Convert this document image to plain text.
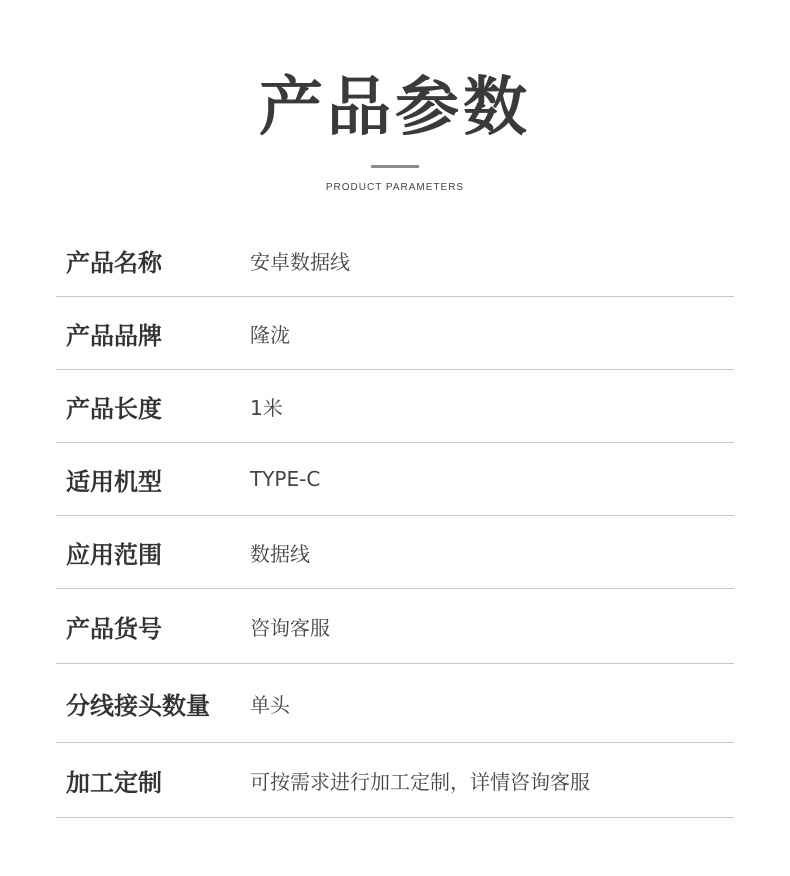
产品参数
PRODUCT PARAMETERS
产品名称	安卓数据线
产品品牌	隆泷
产品长度	1米
适用机型	TYPE-C
应用范围	数据线
产品货号	咨询客服
分线接头数量 单头
加工定制	可按需求进行加工定制，详情咨询客服
